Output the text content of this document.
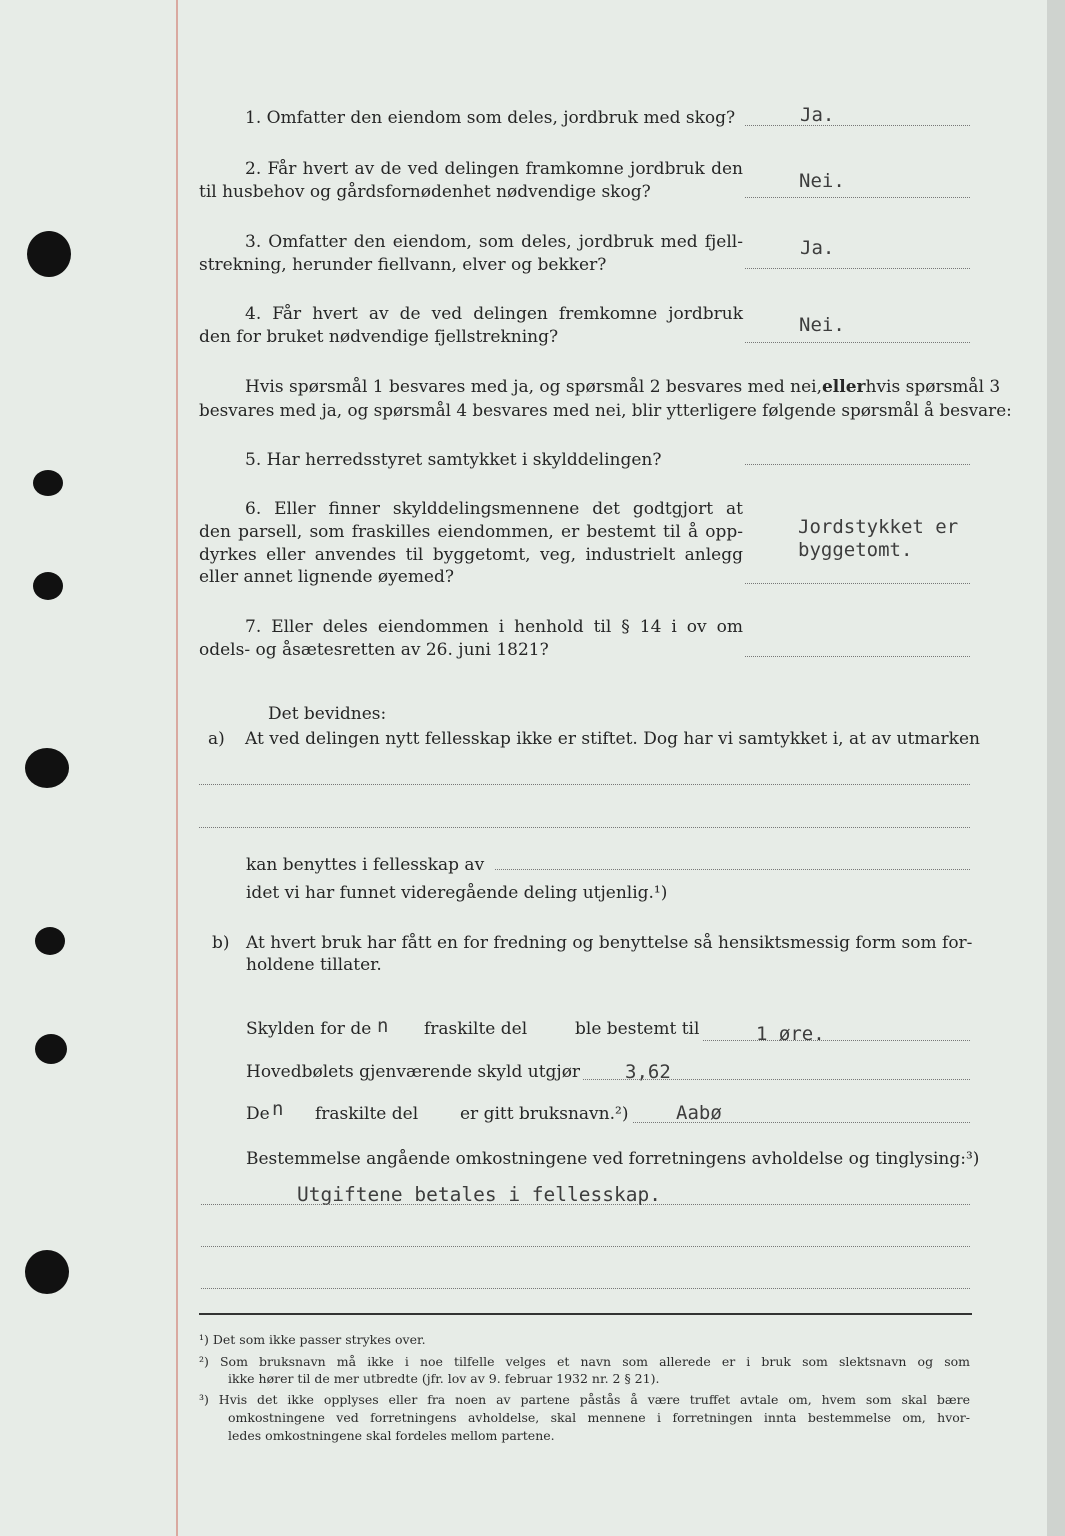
1. Omfatter den eiendom som deles, jordbruk med skog?	Ja.
2. Får hvert av de ved delingen framkomne jordbruk den
til husbehov og gårdsfornødenhet nødvendige skog?	Nei.
3. Omfatter den eiendom, som deles, jordbruk med fjell-
strekning, herunder fiellvann, elver og bekker?
Ja.
4. Får hvert av de ved delingen fremkomne jordbruk
den for bruket nødvendige fjellstrekning?
Nei.
Hvis spørsmål 1 besvares med ja, og spørsmål 2 besvares med nei, eller hvis spørsmål 3
besvares med ja, og spørsmål 4 besvares med nei, blir ytterligere følgende spørsmål å besvare:
5. Har herredsstyret samtykket i skylddelingen?
6. Eller finner skylddelingsmennene det godtgjort at
den parsell, som fraskilles eiendommen, er bestemt til å opp-
dyrkes eller anvendes til byggetomt, veg, industrielt anlegg
eller annet lignende øyemed?
Jordstykket er
byggetomt.
7. Eller deles eiendommen i henhold til § 14 i ov om
odels- og åsætesretten av 26. juni 1821?
Det bevidnes:
a) At ved delingen nytt fellesskap ikke er stiftet. Dog har vi samtykket i, at av utmarken
kan benyttes i fellesskap av
idet vi har funnet videregående deling utjenlig.¹)
b) At hvert bruk har fått en for fredning og benyttelse så hensiktsmessig form som for-
holdene tillater.
Skylden for de n fraskilte del	ble bestemt til	1 øre.
Hovedbølets gjenværende skyld utgjør 3,62
De n fraskilte del er gitt bruksnavn.²)	Aabø
Bestemmelse angående omkostningene ved forretningens avholdelse og tinglysing:³)
Utgiftene betales i fellesskap.
¹) Det som ikke passer strykes over.
²) Som bruksnavn må ikke i noe tilfelle velges et navn som allerede er i bruk som slektsnavn og som
ikke hører til de mer utbredte (jfr. lov av 9. februar 1932 nr. 2 § 21).
³) Hvis det ikke opplyses eller fra noen av partene påstås å være truffet avtale om, hvem som skal bære
omkostningene ved forretningens avholdelse, skal mennene i forretningen innta bestemmelse om, hvor-
ledes omkostningene skal fordeles mellom partene.
